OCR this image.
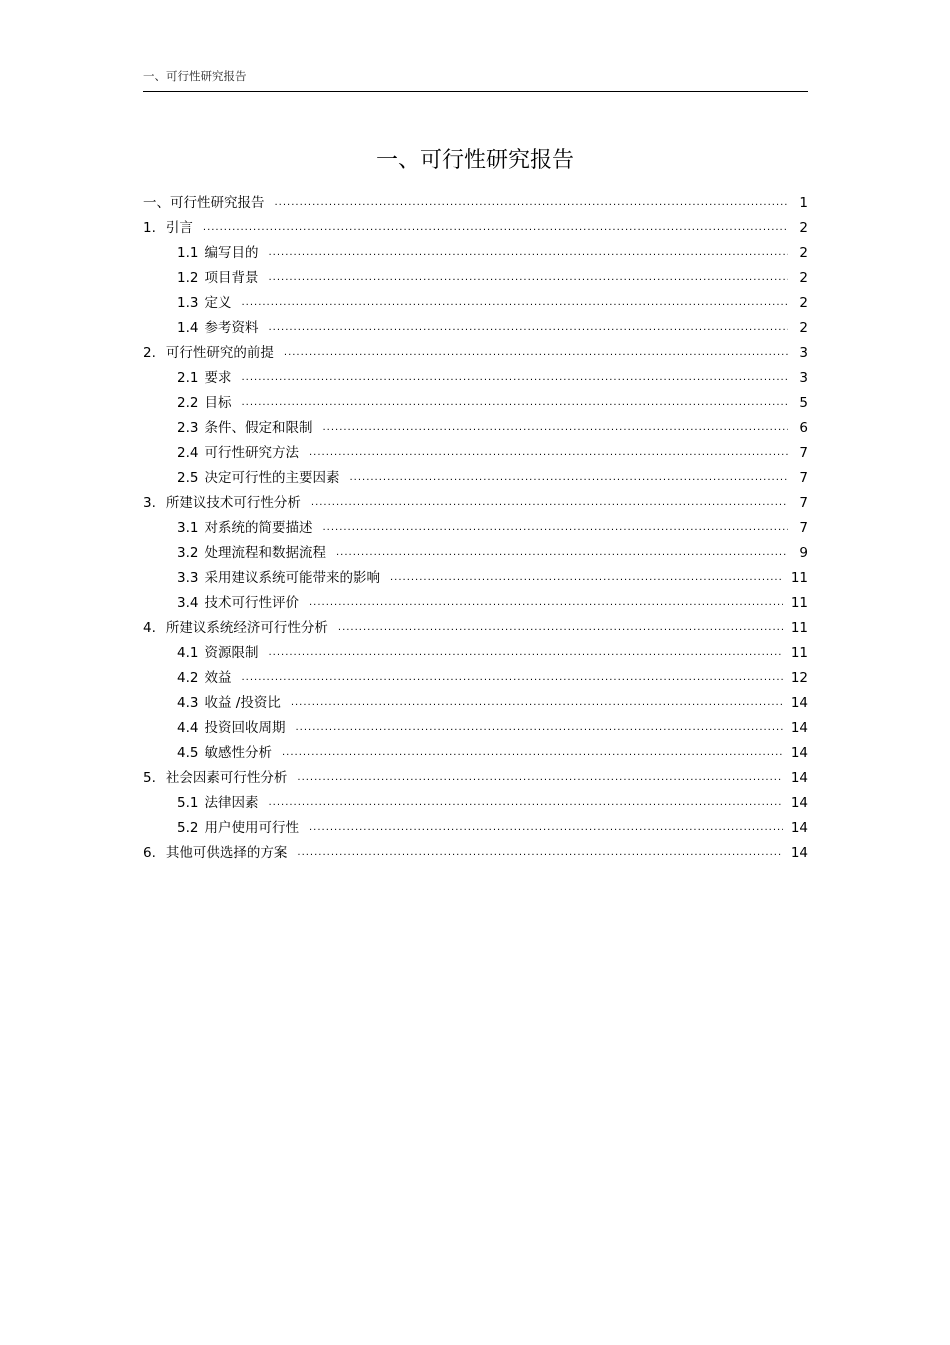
一、可行性研究报告
一、可行性研究报告
一、可行性研究报告 .....	1
1. 引言 .....	2
1.1 编写目的 .....	2
1.2 项目背景 .....	2
1.3 定义 .....	2
1.4 参考资料 .....	2
2. 可行性研究的前提 .....	3
2.1 要求 .....	3
2.2 目标 .....	5
2.3 条件、假定和限制 .....	6
2.4 可行性研究方法 .....	7
2.5 决定可行性的主要因素 .....	7
3. 所建议技术可行性分析 .....	7
3.1 对系统的简要描述 .....	7
3.2 处理流程和数据流程 .....	9
3.3 采用建议系统可能带来的影响 .....	11
3.4 技术可行性评价 .....	11
4. 所建议系统经济可行性分析 .....	11
4.1 资源限制 .....	11
4.2 效益 .....	12
4.3 收益 /投资比 .....	14
4.4 投资回收周期 .....	14
4.5 敏感性分析 .....	14
5. 社会因素可行性分析 .....	14
5.1 法律因素 .....	14
5.2 用户使用可行性 .....	14
6. 其他可供选择的方案 .....	14
